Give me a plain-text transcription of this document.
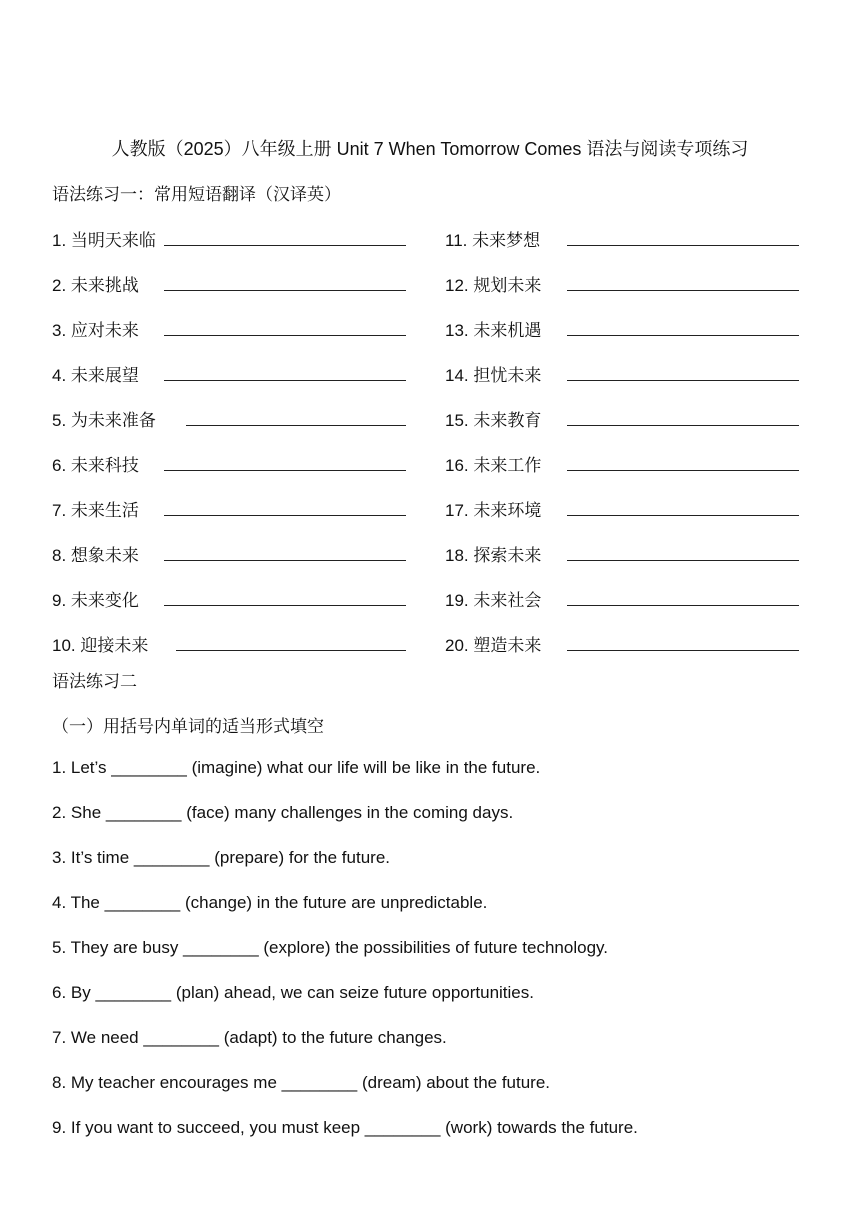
人教版（2025）八年级上册 Unit 7 When Tomorrow Comes 语法与阅读专项练习
语法练习一：常用短语翻译（汉译英）
1. 当明天来临
2. 未来挑战
3. 应对未来
4. 未来展望
5. 为未来准备
6. 未来科技
7. 未来生活
8. 想象未来
9. 未来变化
10. 迎接未来
11. 未来梦想
12. 规划未来
13. 未来机遇
14. 担忧未来
15. 未来教育
16. 未来工作
17. 未来环境
18. 探索未来
19. 未来社会
20. 塑造未来
语法练习二
（一）用括号内单词的适当形式填空
1. Let’s ________ (imagine) what our life will be like in the future.
2. She ________ (face) many challenges in the coming days.
3. It’s time ________ (prepare) for the future.
4. The ________ (change) in the future are unpredictable.
5. They are busy ________ (explore) the possibilities of future technology.
6. By ________ (plan) ahead, we can seize future opportunities.
7. We need ________ (adapt) to the future changes.
8. My teacher encourages me ________ (dream) about the future.
9. If you want to succeed, you must keep ________ (work) towards the future.
